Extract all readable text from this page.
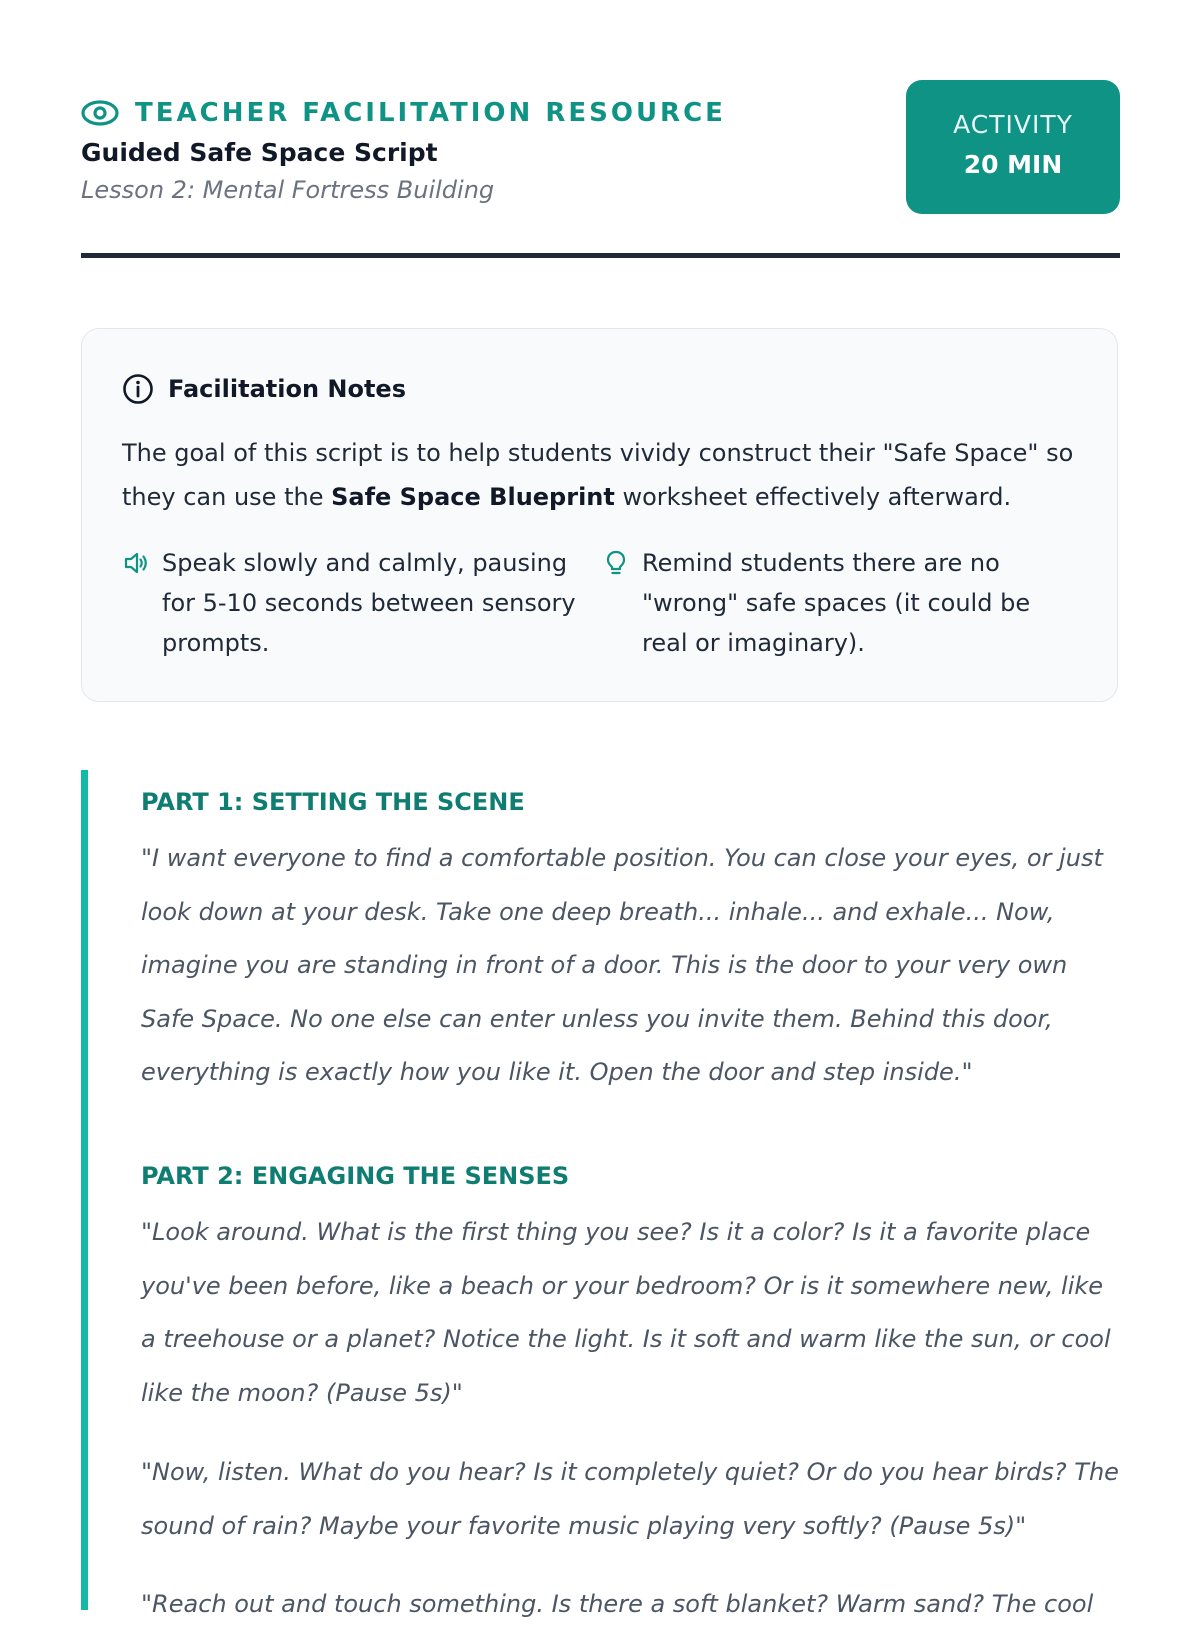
TEACHER FACILITATION RESOURCE
Guided Safe Space Script
Lesson 2: Mental Fortress Building
ACTIVITY
20 MIN
Facilitation Notes
The goal of this script is to help students vividy construct their "Safe Space" so they can use the Safe Space Blueprint worksheet effectively afterward.
Speak slowly and calmly, pausing for 5-10 seconds between sensory prompts.
Remind students there are no "wrong" safe spaces (it could be real or imaginary).
PART 1: SETTING THE SCENE
"I want everyone to find a comfortable position. You can close your eyes, or just look down at your desk. Take one deep breath... inhale... and exhale... Now, imagine you are standing in front of a door. This is the door to your very own Safe Space. No one else can enter unless you invite them. Behind this door, everything is exactly how you like it. Open the door and step inside."
PART 2: ENGAGING THE SENSES
"Look around. What is the first thing you see? Is it a color? Is it a favorite place you've been before, like a beach or your bedroom? Or is it somewhere new, like a treehouse or a planet? Notice the light. Is it soft and warm like the sun, or cool like the moon? (Pause 5s)"
"Now, listen. What do you hear? Is it completely quiet? Or do you hear birds? The sound of rain? Maybe your favorite music playing very softly? (Pause 5s)"
"Reach out and touch something. Is there a soft blanket? Warm sand? The cool
